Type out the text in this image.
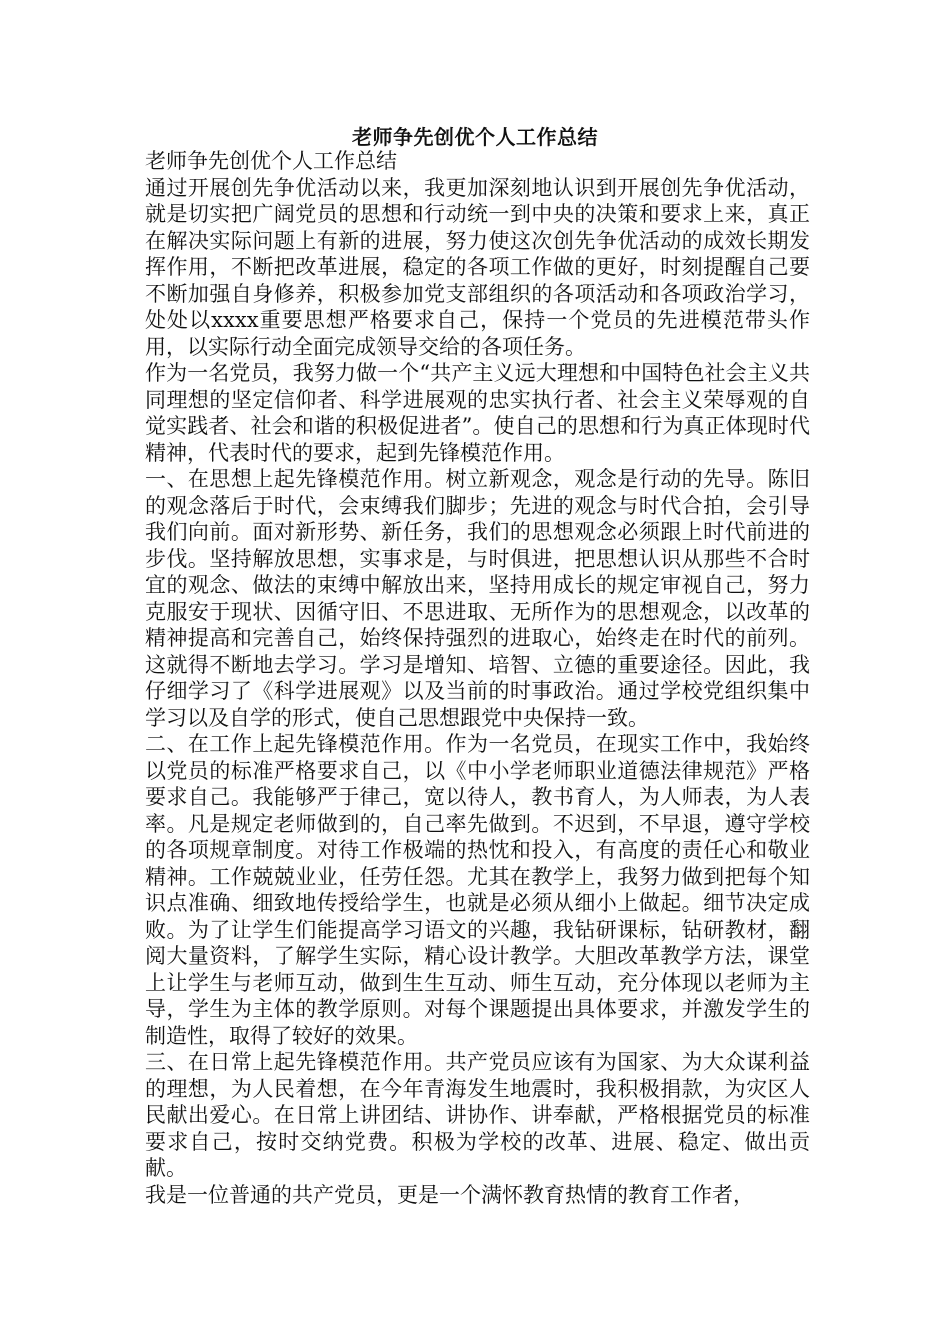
老师争先创优个人工作总结

老师争先创优个人工作总结

通过开展创先争优活动以来，我更加深刻地认识到开展创先争优活动，就是切实把广阔党员的思想和行动统一到中央的决策和要求上来，真正在解决实际问题上有新的进展，努力使这次创先争优活动的成效长期发挥作用，不断把改革进展，稳定的各项工作做的更好，时刻提醒自己要不断加强自身修养，积极参加党支部组织的各项活动和各项政治学习，处处以xxxx重要思想严格要求自己，保持一个党员的先进模范带头作用，以实际行动全面完成领导交给的各项任务。

作为一名党员，我努力做一个“共产主义远大理想和中国特色社会主义共同理想的坚定信仰者、科学进展观的忠实执行者、社会主义荣辱观的自觉实践者、社会和谐的积极促进者”。使自己的思想和行为真正体现时代精神，代表时代的要求，起到先锋模范作用。

一、在思想上起先锋模范作用。树立新观念，观念是行动的先导。陈旧的观念落后于时代，会束缚我们脚步；先进的观念与时代合拍，会引导我们向前。面对新形势、新任务，我们的思想观念必须跟上时代前进的步伐。坚持解放思想，实事求是，与时俱进，把思想认识从那些不合时宜的观念、做法的束缚中解放出来，坚持用成长的规定审视自己，努力克服安于现状、因循守旧、不思进取、无所作为的思想观念，以改革的精神提高和完善自己，始终保持强烈的进取心，始终走在时代的前列。这就得不断地去学习。学习是增知、培智、立德的重要途径。因此，我仔细学习了《科学进展观》以及当前的时事政治。通过学校党组织集中学习以及自学的形式，使自己思想跟党中央保持一致。

二、在工作上起先锋模范作用。作为一名党员，在现实工作中，我始终以党员的标准严格要求自己，以《中小学老师职业道德法律规范》严格要求自己。我能够严于律己，宽以待人，教书育人，为人师表，为人表率。凡是规定老师做到的，自己率先做到。不迟到，不早退，遵守学校的各项规章制度。对待工作极端的热忱和投入，有高度的责任心和敬业精神。工作兢兢业业，任劳任怨。尤其在教学上，我努力做到把每个知识点准确、细致地传授给学生，也就是必须从细小上做起。细节决定成败。为了让学生们能提高学习语文的兴趣，我钻研课标，钻研教材，翻阅大量资料，了解学生实际，精心设计教学。大胆改革教学方法，课堂上让学生与老师互动，做到生生互动、师生互动，充分体现以老师为主导，学生为主体的教学原则。对每个课题提出具体要求，并激发学生的制造性，取得了较好的效果。

三、在日常上起先锋模范作用。共产党员应该有为国家、为大众谋利益的理想，为人民着想，在今年青海发生地震时，我积极捐款，为灾区人民献出爱心。在日常上讲团结、讲协作、讲奉献，严格根据党员的标准要求自己，按时交纳党费。积极为学校的改革、进展、稳定、做出贡献。

我是一位普通的共产党员，更是一个满怀教育热情的教育工作者，
